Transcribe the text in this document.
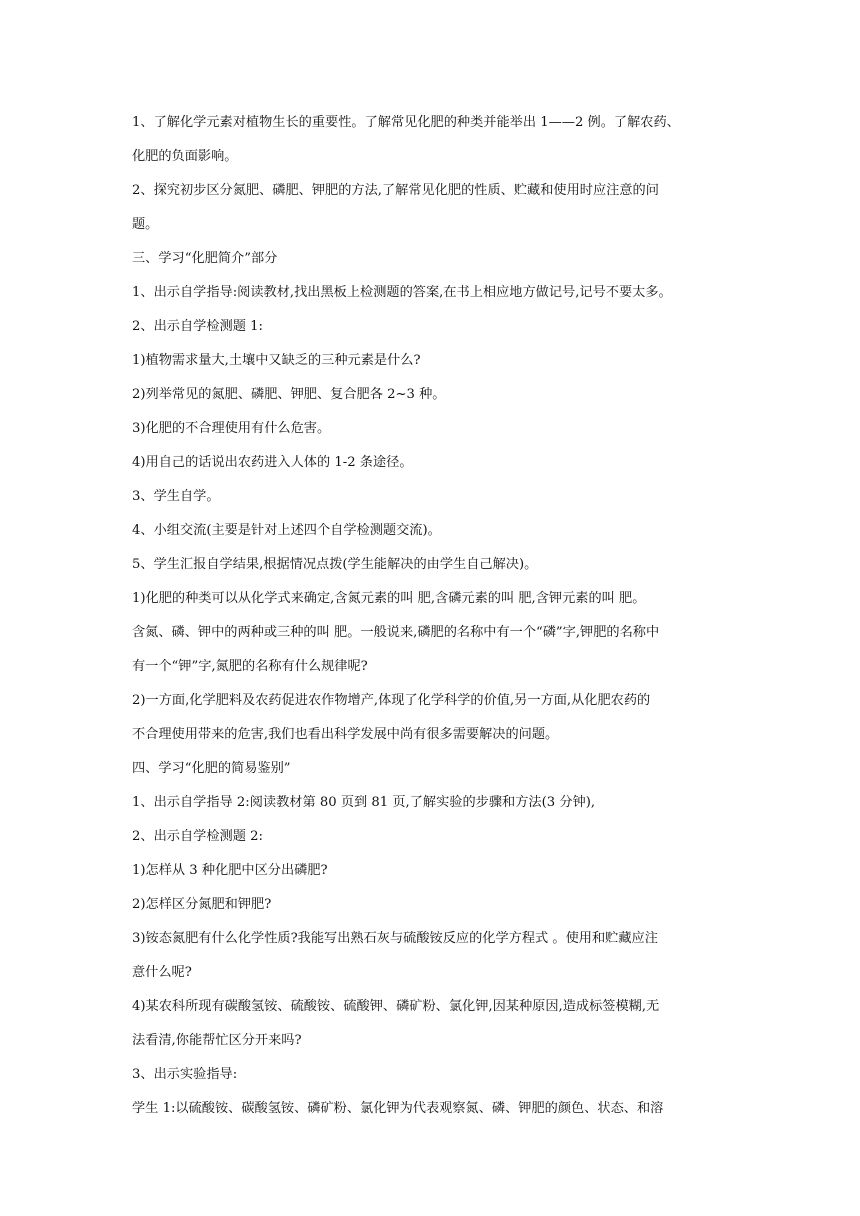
1、了解化学元素对植物生长的重要性。了解常见化肥的种类并能举出 1——2 例。了解农药、
化肥的负面影响。
2、探究初步区分氮肥、磷肥、钾肥的方法,了解常见化肥的性质、贮藏和使用时应注意的问
题。
三、学习“化肥简介”部分
1、出示自学指导:阅读教材,找出黑板上检测题的答案,在书上相应地方做记号,记号不要太多。
2、出示自学检测题 1:
1)植物需求量大,土壤中又缺乏的三种元素是什么?
2)列举常见的氮肥、磷肥、钾肥、复合肥各 2~3 种。
3)化肥的不合理使用有什么危害。
4)用自己的话说出农药进入人体的 1-2 条途径。
3、学生自学。
4、小组交流(主要是针对上述四个自学检测题交流)。
5、学生汇报自学结果,根据情况点拨(学生能解决的由学生自己解决)。
1)化肥的种类可以从化学式来确定,含氮元素的叫 肥,含磷元素的叫 肥,含钾元素的叫 肥。
含氮、磷、钾中的两种或三种的叫 肥。一般说来,磷肥的名称中有一个“磷”字,钾肥的名称中
有一个“钾”字,氮肥的名称有什么规律呢?
2)一方面,化学肥料及农药促进农作物增产,体现了化学科学的价值,另一方面,从化肥农药的
不合理使用带来的危害,我们也看出科学发展中尚有很多需要解决的问题。
四、学习“化肥的简易鉴别”
1、出示自学指导 2:阅读教材第 80 页到 81 页,了解实验的步骤和方法(3 分钟),
2、出示自学检测题 2:
1)怎样从 3 种化肥中区分出磷肥?
2)怎样区分氮肥和钾肥?
3)铵态氮肥有什么化学性质?我能写出熟石灰与硫酸铵反应的化学方程式 。使用和贮藏应注
意什么呢?
4)某农科所现有碳酸氢铵、硫酸铵、硫酸钾、磷矿粉、氯化钾,因某种原因,造成标签模糊,无
法看清,你能帮忙区分开来吗?
3、出示实验指导:
学生 1:以硫酸铵、碳酸氢铵、磷矿粉、氯化钾为代表观察氮、磷、钾肥的颜色、状态、和溶
